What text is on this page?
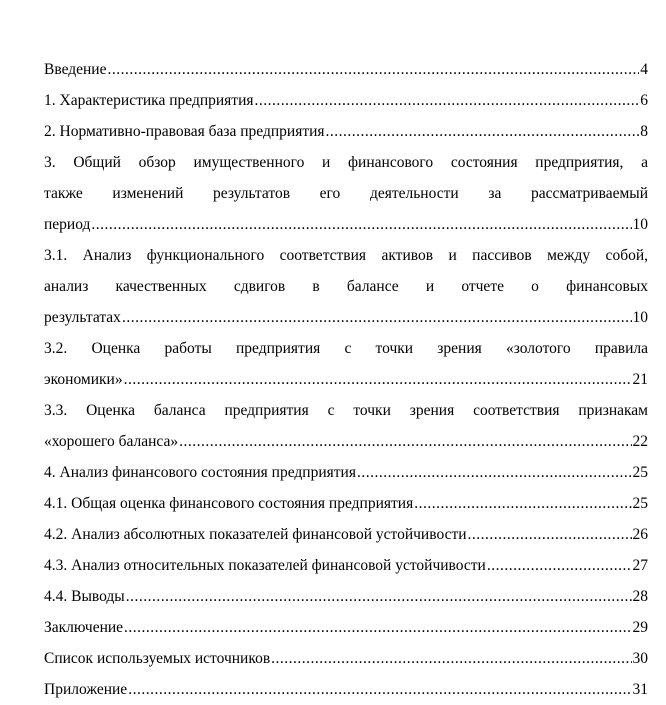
Введение .....	4
1. Характеристика предприятия .....	6
2. Нормативно-правовая база предприятия .....	8
3. Общий обзор имущественного и финансового состояния предприятия, а
также изменений результатов его деятельности за рассматриваемый
период .....	10
3.1. Анализ функционального соответствия активов и пассивов между собой,
анализ качественных сдвигов в балансе и отчете о финансовых
результатах .....	10
3.2. Оценка работы предприятия с точки зрения «золотого правила
экономики» .....	21
3.3. Оценка баланса предприятия с точки зрения соответствия признакам
«хорошего баланса» .....	22
4. Анализ финансового состояния предприятия .....	25
4.1. Общая оценка финансового состояния предприятия .....	25
4.2. Анализ абсолютных показателей финансовой устойчивости .....	26
4.3. Анализ относительных показателей финансовой устойчивости .....	27
4.4. Выводы .....	28
Заключение .....	29
Список используемых источников .....	30
Приложение .....	31
